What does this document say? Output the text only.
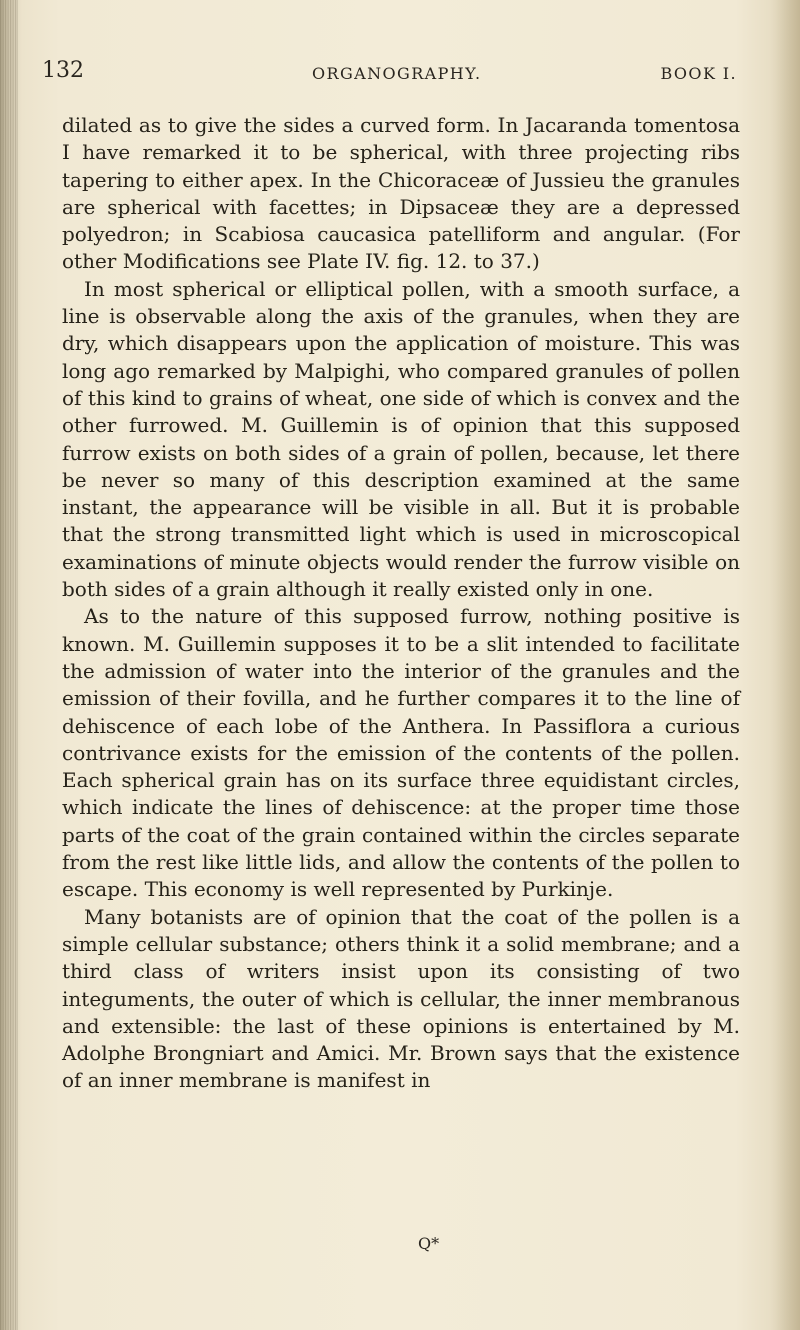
132	ORGANOGRAPHY.	BOOK I.

dilated as to give the sides a curved form. In Jacaranda tomentosa I have remarked it to be spherical, with three projecting ribs tapering to either apex. In the Chicoraceæ of Jussieu the granules are spherical with facettes; in Dipsaceæ they are a depressed polyedron; in Scabiosa caucasica patelliform and angular. (For other Modifications see Plate IV. fig. 12. to 37.)

In most spherical or elliptical pollen, with a smooth surface, a line is observable along the axis of the granules, when they are dry, which disappears upon the application of moisture. This was long ago remarked by Malpighi, who compared granules of pollen of this kind to grains of wheat, one side of which is convex and the other furrowed. M. Guillemin is of opinion that this supposed furrow exists on both sides of a grain of pollen, because, let there be never so many of this description examined at the same instant, the appearance will be visible in all. But it is probable that the strong transmitted light which is used in microscopical examinations of minute objects would render the furrow visible on both sides of a grain although it really existed only in one.

As to the nature of this supposed furrow, nothing positive is known. M. Guillemin supposes it to be a slit intended to facilitate the admission of water into the interior of the granules and the emission of their fovilla, and he further compares it to the line of dehiscence of each lobe of the Anthera. In Passiflora a curious contrivance exists for the emission of the contents of the pollen. Each spherical grain has on its surface three equidistant circles, which indicate the lines of dehiscence: at the proper time those parts of the coat of the grain contained within the circles separate from the rest like little lids, and allow the contents of the pollen to escape. This economy is well represented by Purkinje.

Many botanists are of opinion that the coat of the pollen is a simple cellular substance; others think it a solid membrane; and a third class of writers insist upon its consisting of two integuments, the outer of which is cellular, the inner membranous and extensible: the last of these opinions is entertained by M. Adolphe Brongniart and Amici. Mr. Brown says that the existence of an inner membrane is manifest in

Q*
